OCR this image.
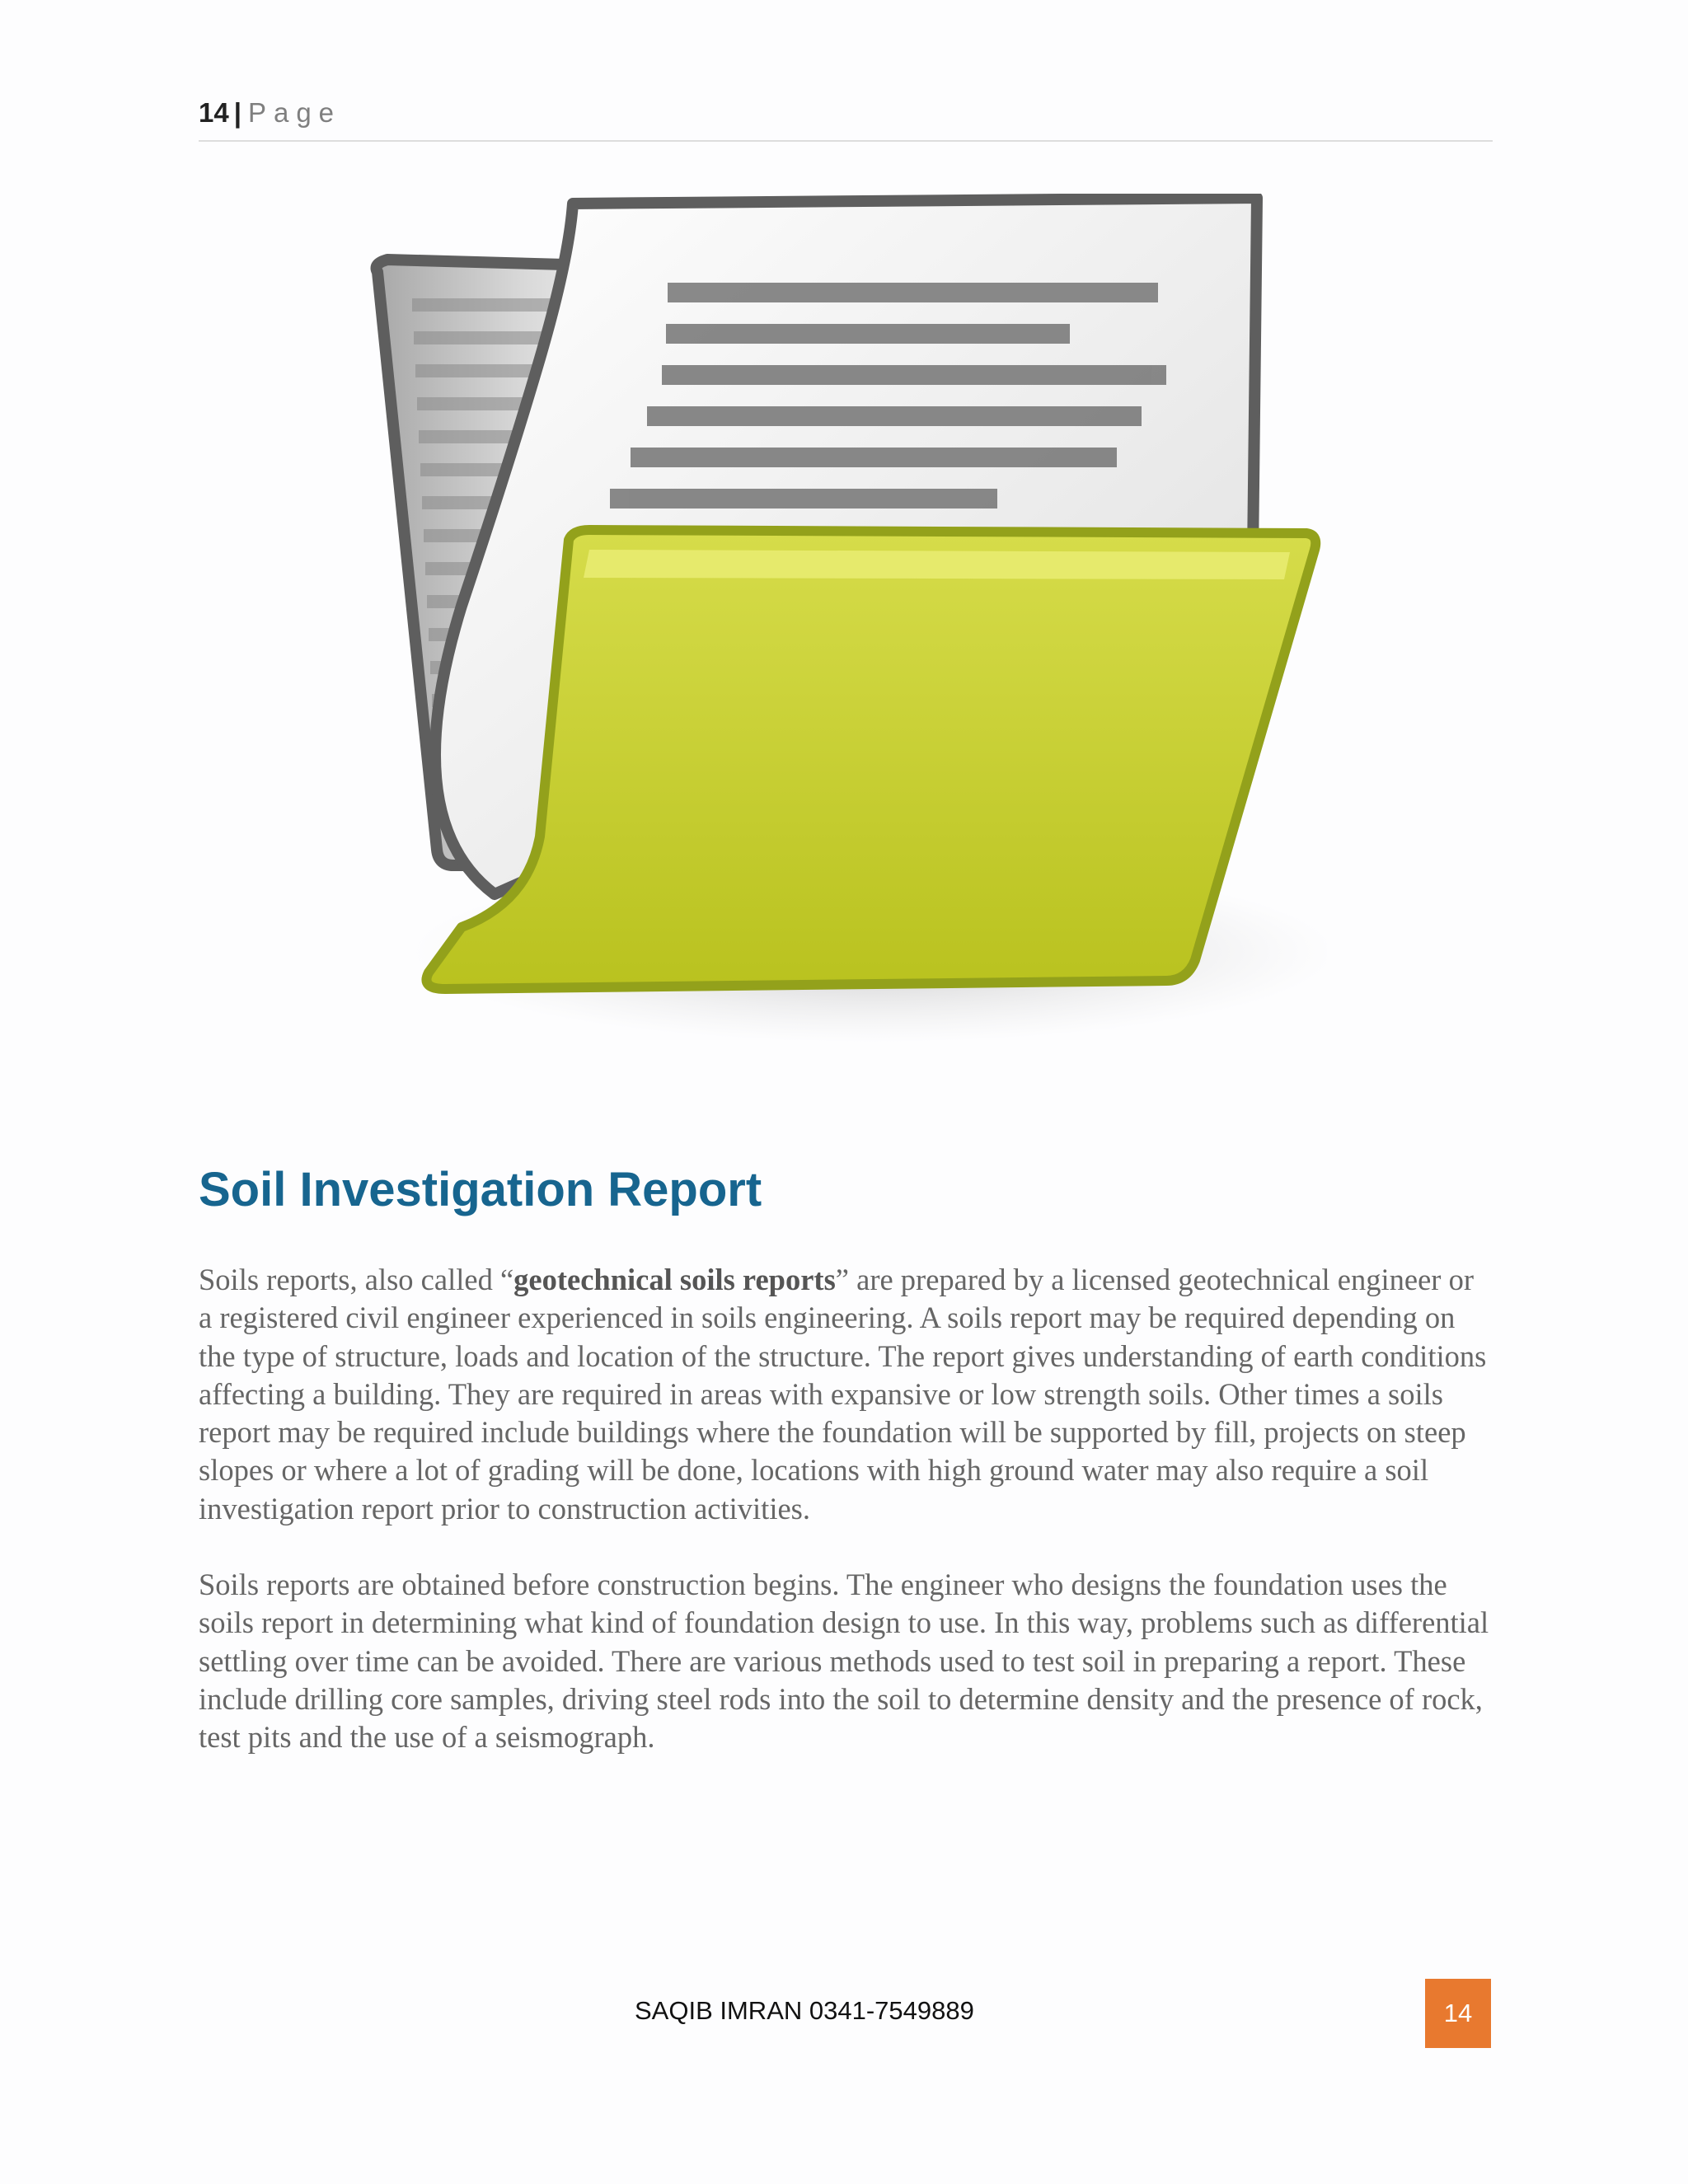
14 | Page
Soil Investigation Report

Soils reports, also called “geotechnical soils reports” are prepared by a licensed geotechnical engineer or a registered civil engineer experienced in soils engineering. A soils report may be required depending on the type of structure, loads and location of the structure. The report gives understanding of earth conditions affecting a building. They are required in areas with expansive or low strength soils. Other times a soils report may be required include buildings where the foundation will be supported by fill, projects on steep slopes or where a lot of grading will be done, locations with high ground water may also require a soil investigation report prior to construction activities.

Soils reports are obtained before construction begins. The engineer who designs the foundation uses the soils report in determining what kind of foundation design to use. In this way, problems such as differential settling over time can be avoided. There are various methods used to test soil in preparing a report. These include drilling core samples, driving steel rods into the soil to determine density and the presence of rock, test pits and the use of a seismograph.

SAQIB IMRAN 0341-7549889	14
